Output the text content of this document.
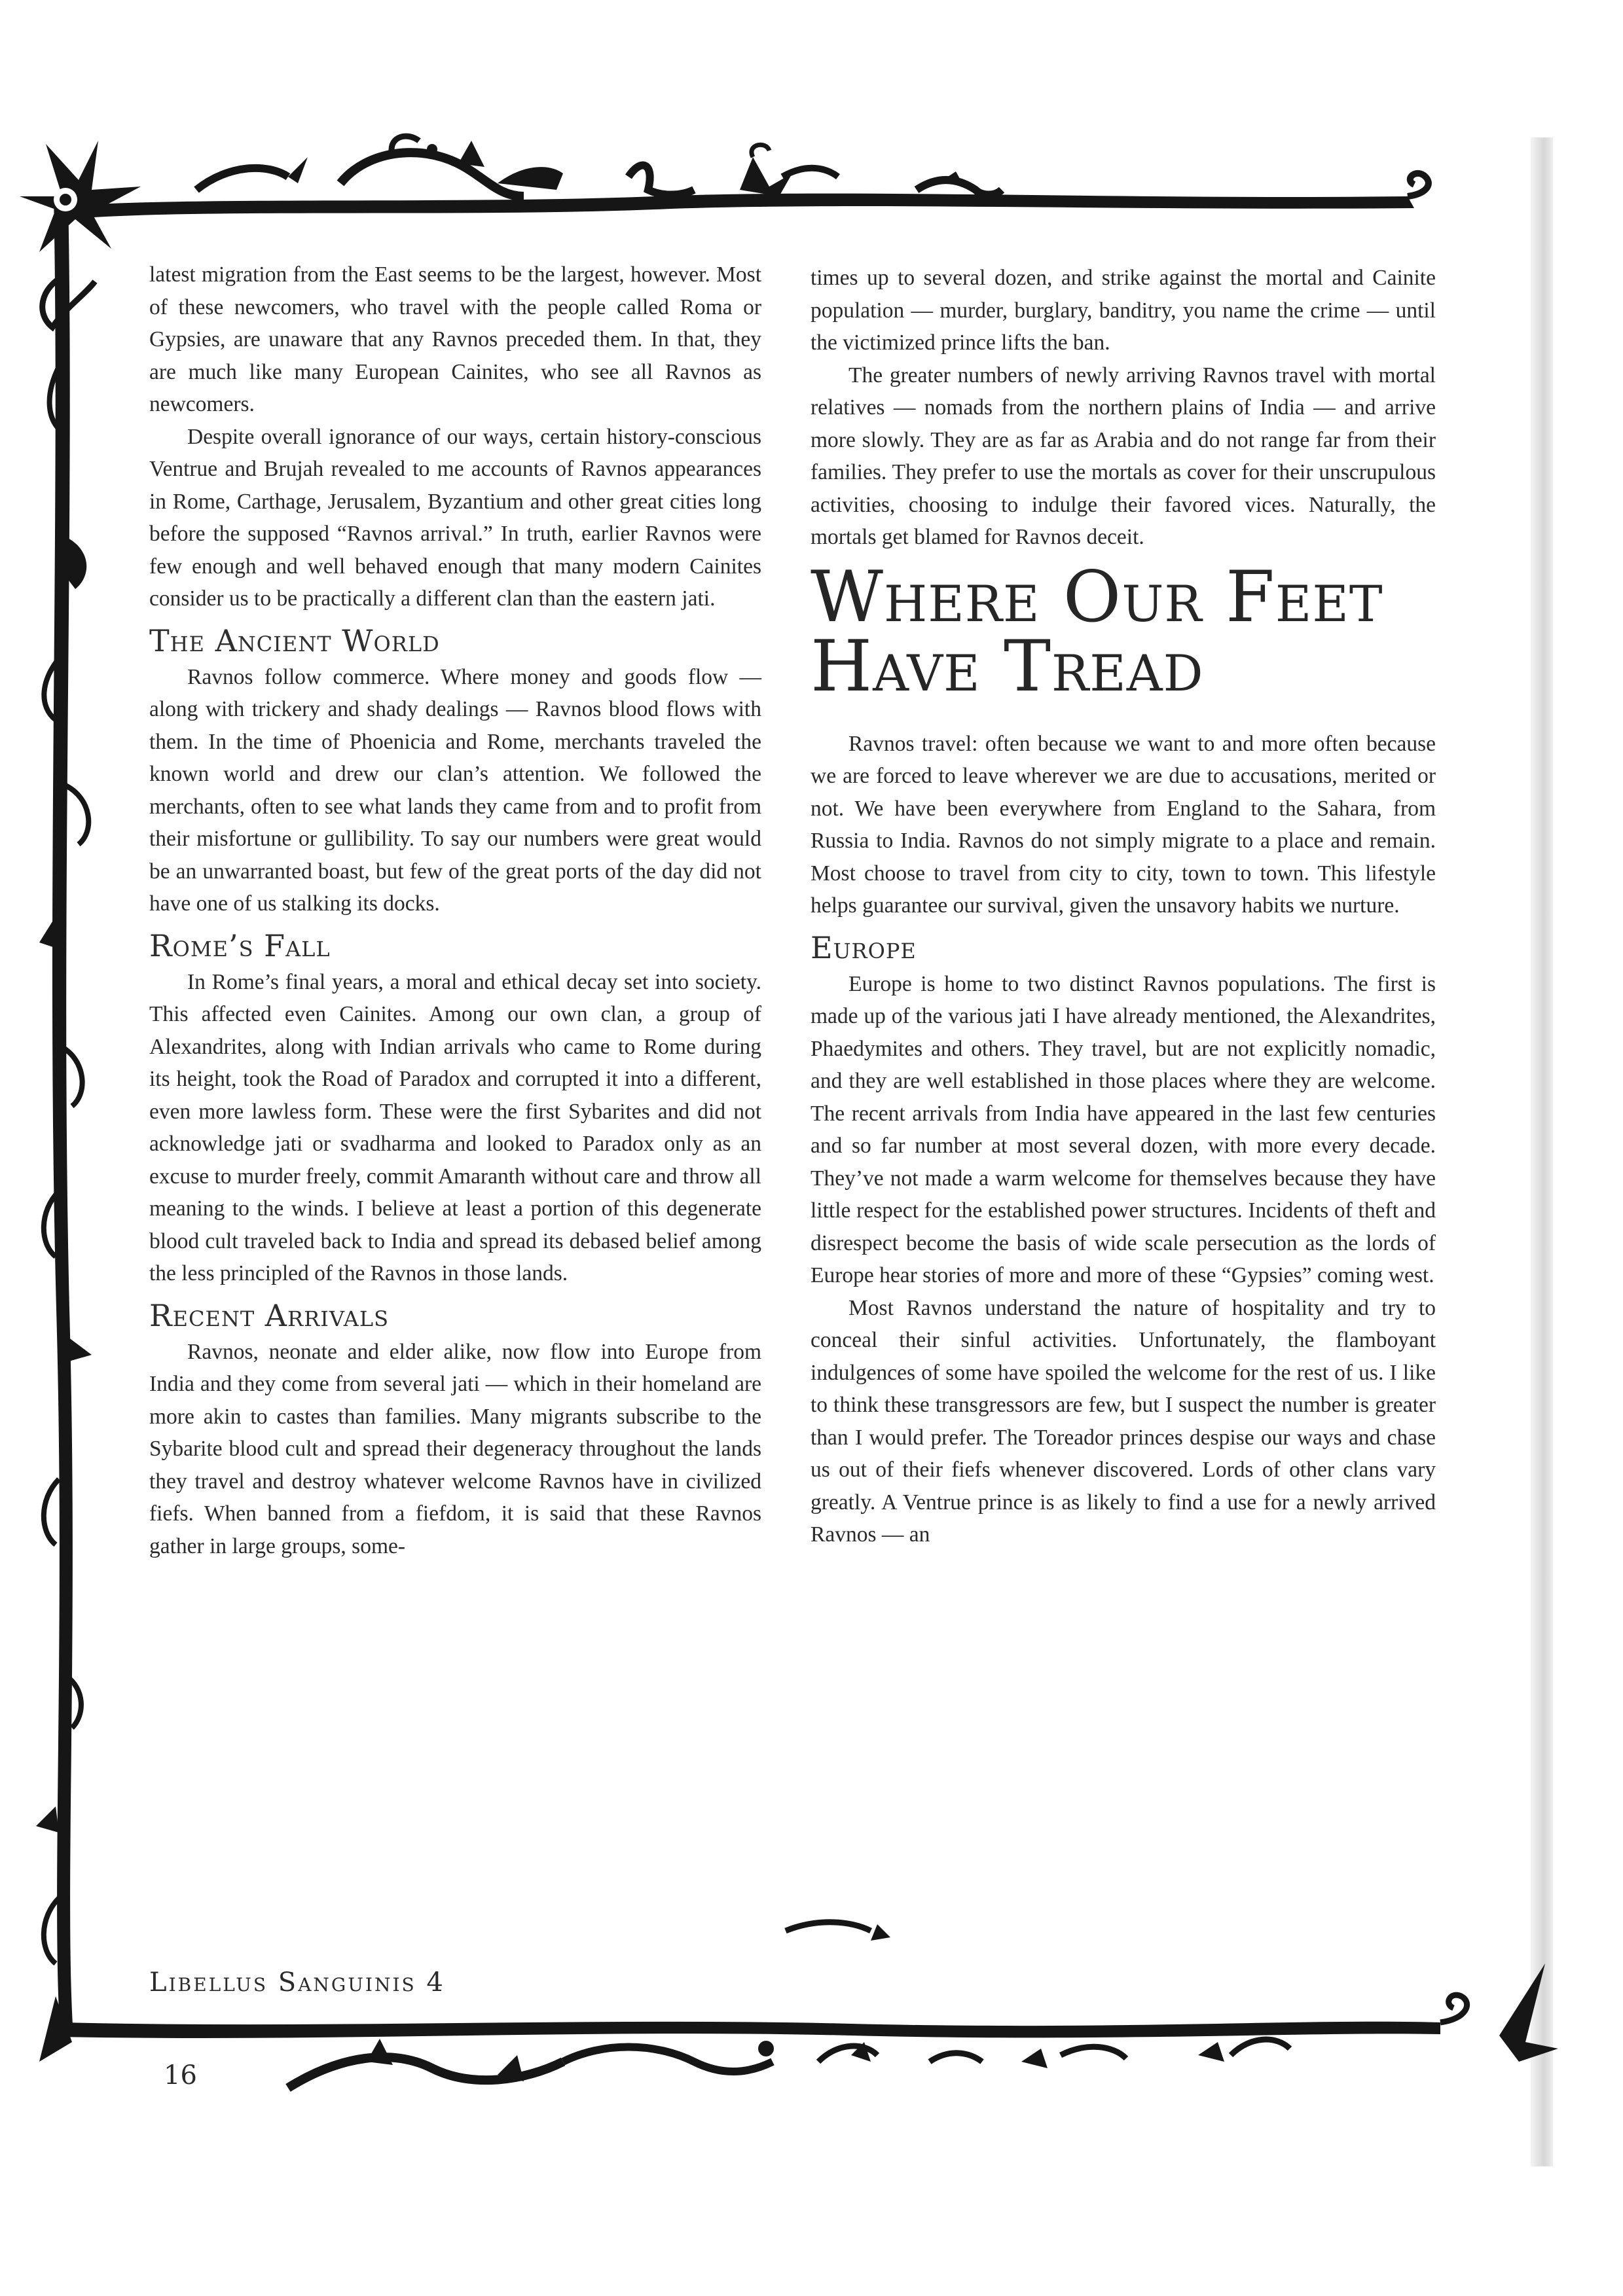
latest migration from the East seems to be the largest, however. Most of these newcomers, who travel with the people called Roma or Gypsies, are unaware that any Ravnos preceded them. In that, they are much like many European Cainites, who see all Ravnos as newcomers.

Despite overall ignorance of our ways, certain history-conscious Ventrue and Brujah revealed to me accounts of Ravnos appearances in Rome, Carthage, Jerusalem, Byzantium and other great cities long before the supposed “Ravnos arrival.” In truth, earlier Ravnos were few enough and well behaved enough that many modern Cainites consider us to be practically a different clan than the eastern jati.

The Ancient World

Ravnos follow commerce. Where money and goods flow — along with trickery and shady dealings — Ravnos blood flows with them. In the time of Phoenicia and Rome, merchants traveled the known world and drew our clan’s attention. We followed the merchants, often to see what lands they came from and to profit from their misfortune or gullibility. To say our numbers were great would be an unwarranted boast, but few of the great ports of the day did not have one of us stalking its docks.

Rome’s Fall

In Rome’s final years, a moral and ethical decay set into society. This affected even Cainites. Among our own clan, a group of Alexandrites, along with Indian arrivals who came to Rome during its height, took the Road of Paradox and corrupted it into a different, even more lawless form. These were the first Sybarites and did not acknowledge jati or svadharma and looked to Paradox only as an excuse to murder freely, commit Amaranth without care and throw all meaning to the winds. I believe at least a portion of this degenerate blood cult traveled back to India and spread its debased belief among the less principled of the Ravnos in those lands.

Recent Arrivals

Ravnos, neonate and elder alike, now flow into Europe from India and they come from several jati — which in their homeland are more akin to castes than families. Many migrants subscribe to the Sybarite blood cult and spread their degeneracy throughout the lands they travel and destroy whatever welcome Ravnos have in civilized fiefs. When banned from a fiefdom, it is said that these Ravnos gather in large groups, some-

times up to several dozen, and strike against the mortal and Cainite population — murder, burglary, banditry, you name the crime — until the victimized prince lifts the ban.

The greater numbers of newly arriving Ravnos travel with mortal relatives — nomads from the northern plains of India — and arrive more slowly. They are as far as Arabia and do not range far from their families. They prefer to use the mortals as cover for their unscrupulous activities, choosing to indulge their favored vices. Naturally, the mortals get blamed for Ravnos deceit.

Where Our Feet
Have Tread

Ravnos travel: often because we want to and more often because we are forced to leave wherever we are due to accusations, merited or not. We have been everywhere from England to the Sahara, from Russia to India. Ravnos do not simply migrate to a place and remain. Most choose to travel from city to city, town to town. This lifestyle helps guarantee our survival, given the unsavory habits we nurture.

Europe

Europe is home to two distinct Ravnos populations. The first is made up of the various jati I have already mentioned, the Alexandrites, Phaedymites and others. They travel, but are not explicitly nomadic, and they are well established in those places where they are welcome. The recent arrivals from India have appeared in the last few centuries and so far number at most several dozen, with more every decade. They’ve not made a warm welcome for themselves because they have little respect for the established power structures. Incidents of theft and disrespect become the basis of wide scale persecution as the lords of Europe hear stories of more and more of these “Gypsies” coming west.

Most Ravnos understand the nature of hospitality and try to conceal their sinful activities. Unfortunately, the flamboyant indulgences of some have spoiled the welcome for the rest of us. I like to think these transgressors are few, but I suspect the number is greater than I would prefer. The Toreador princes despise our ways and chase us out of their fiefs whenever discovered. Lords of other clans vary greatly. A Ventrue prince is as likely to find a use for a newly arrived Ravnos — an

Libellus Sanguinis 4
16
